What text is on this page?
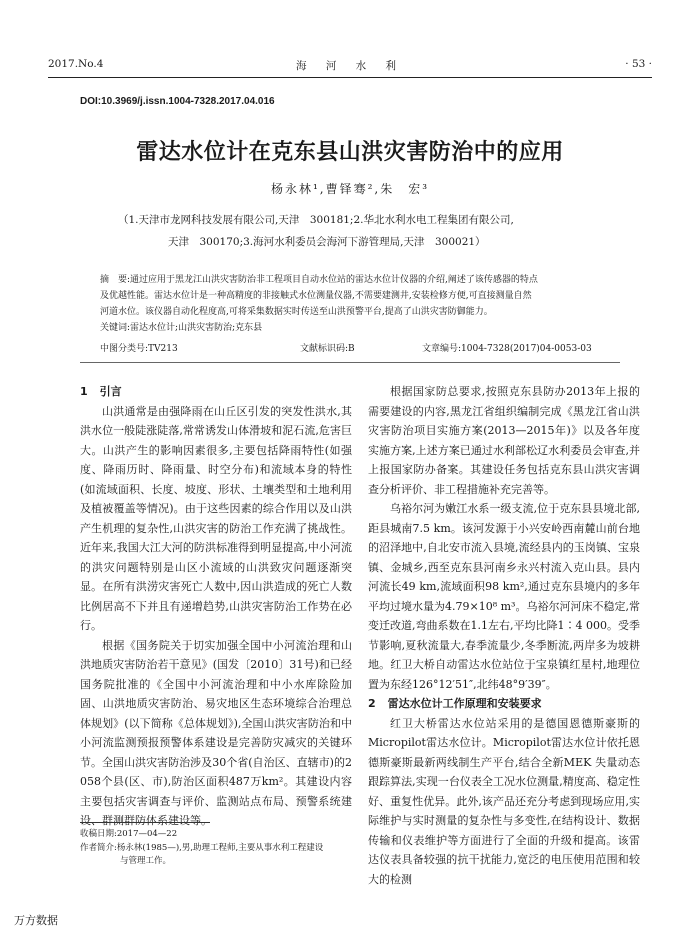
2017.No.4	海 河 水 利	· 53 ·
DOI:10.3969/j.issn.1004-7328.2017.04.016
雷达水位计在克东县山洪灾害防治中的应用
杨永林¹,曹铎骞²,朱　宏³
（1.天津市龙网科技发展有限公司,天津　300181;2.华北水利水电工程集团有限公司,
天津　300170;3.海河水利委员会海河下游管理局,天津　300021）
摘　要:通过应用于黑龙江山洪灾害防治非工程项目自动水位站的雷达水位计仪器的介绍,阐述了该传感器的特点
及优越性能。雷达水位计是一种高精度的非接触式水位测量仪器,不需要建测井,安装检修方便,可直接测量自然
河道水位。该仪器自动化程度高,可将采集数据实时传送至山洪预警平台,提高了山洪灾害防御能力。
关键词:雷达水位计;山洪灾害防治;克东县
中图分类号:TV213	文献标识码:B	文章编号:1004-7328(2017)04-0053-03
1 引言

山洪通常是由强降雨在山丘区引发的突发性洪水,其洪水位一般陡涨陡落,常常诱发山体滑坡和泥石流,危害巨大。山洪产生的影响因素很多,主要包括降雨特性(如强度、降雨历时、降雨量、时空分布)和流域本身的特性(如流域面积、长度、坡度、形状、土壤类型和土地利用及植被覆盖等情况)。由于这些因素的综合作用以及山洪产生机理的复杂性,山洪灾害的防治工作充满了挑战性。近年来,我国大江大河的防洪标准得到明显提高,中小河流的洪灾问题特别是山区小流域的山洪致灾问题逐渐突显。在所有洪涝灾害死亡人数中,因山洪造成的死亡人数比例居高不下并且有递增趋势,山洪灾害防治工作势在必行。

根据《国务院关于切实加强全国中小河流治理和山洪地质灾害防治若干意见》(国发〔2010〕31号)和已经国务院批准的《全国中小河流治理和中小水库除险加固、山洪地质灾害防治、易灾地区生态环境综合治理总体规划》(以下简称《总体规划》),全国山洪灾害防治和中小河流监测预报预警体系建设是完善防灾减灾的关键环节。全国山洪灾害防治涉及30个省(自治区、直辖市)的2 058个县(区、市),防治区面积487万km²。其建设内容主要包括灾害调查与评价、监测站点布局、预警系统建设、群测群防体系建设等。

根据国家防总要求,按照克东县防办2013年上报的需要建设的内容,黑龙江省组织编制完成《黑龙江省山洪灾害防治项目实施方案(2013—2015年)》以及各年度实施方案,上述方案已通过水利部松辽水利委员会审查,并上报国家防办备案。其建设任务包括克东县山洪灾害调查分析评价、非工程措施补充完善等。

乌裕尔河为嫩江水系一级支流,位于克东县县境北部,距县城南7.5 km。该河发源于小兴安岭西南麓山前台地的沼泽地中,自北安市流入县境,流经县内的玉岗镇、宝泉镇、金城乡,西至克东县河南乡永兴村流入克山县。县内河流长49 km,流域面积98 km²,通过克东县境内的多年平均过境水量为4.79×10⁸ m³。乌裕尔河河床不稳定,常变迁改道,弯曲系数在1.1左右,平均比降1∶4 000。受季节影响,夏秋流量大,春季流量少,冬季断流,两岸多为坡耕地。红卫大桥自动雷达水位站位于宝泉镇红星村,地理位置为东经126°12′51″,北纬48°9′39″。

2 雷达水位计工作原理和安装要求

红卫大桥雷达水位站采用的是德国恩德斯豪斯的Micropilot雷达水位计。Micropilot雷达水位计依托恩德斯豪斯最新两线制生产平台,结合全新MEK 失量动态跟踪算法,实现一台仪表全工况水位测量,精度高、稳定性好、重复性优异。此外,该产品还充分考虑到现场应用,实际维护与实时测量的复杂性与多变性,在结构设计、数据传输和仪表维护等方面进行了全面的升级和提高。该雷达仪表具备较强的抗干扰能力,宽泛的电压使用范围和较大的检测

收稿日期:2017—04—22
作者简介:杨永林(1985—),男,助理工程师,主要从事水利工程建设
与管理工作。
万方数据
